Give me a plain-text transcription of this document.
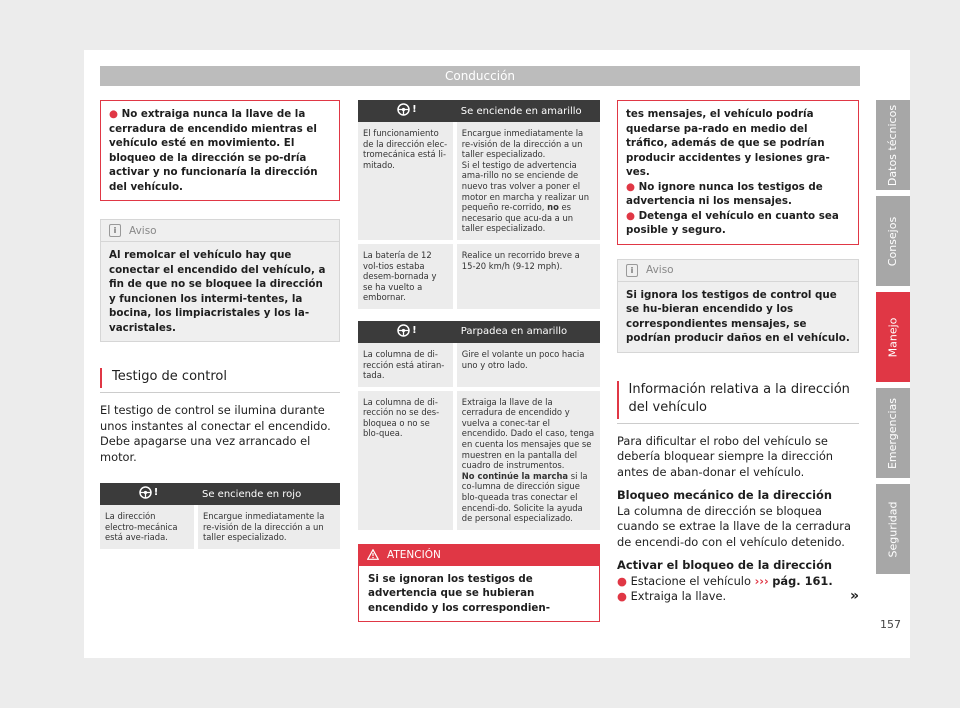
Conducción
● No extraiga nunca la llave de la cerradura de encendido mientras el vehículo esté en movimiento. El bloqueo de la dirección se po-dría activar y no funcionaría la dirección del vehículo.
i	Aviso
Al remolcar el vehículo hay que conectar el encendido del vehículo, a fin de que no se bloquee la dirección y funcionen los intermi-tentes, la bocina, los limpiacristales y los la-vacristales.
Testigo de control

El testigo de control se ilumina durante unos instantes al conectar el encendido. Debe apagarse una vez arrancado el motor.

!	Se enciende en rojo
La dirección electro-mecánica está ave-riada.	Encargue inmediatamente la re-visión de la dirección a un taller especializado.
!	Se enciende en amarillo
El funcionamiento de la dirección elec-tromecánica está li-mitado.	Encargue inmediatamente la re-visión de la dirección a un taller especializado.
Si el testigo de advertencia ama-rillo no se enciende de nuevo tras volver a poner el motor en marcha y realizar un pequeño re-corrido, no es necesario que acu-da a un taller especializado.
La batería de 12 vol-tios estaba desem-bornada y se ha vuelto a embornar.	Realice un recorrido breve a 15-20 km/h (9-12 mph).
!	Parpadea en amarillo
La columna de di-rección está atiran-tada.	Gire el volante un poco hacia uno y otro lado.
La columna de di-rección no se des-bloquea o no se blo-quea.	Extraiga la llave de la cerradura de encendido y vuelva a conec-tar el encendido. Dado el caso, tenga en cuenta los mensajes que se muestren en la pantalla del cuadro de instrumentos.
No continúe la marcha si la co-lumna de dirección sigue blo-queada tras conectar el encendi-do. Solicite la ayuda de personal especializado.
ATENCIÓN
Si se ignoran los testigos de advertencia que se hubieran encendido y los correspondien-
tes mensajes, el vehículo podría quedarse pa-rado en medio del tráfico, además de que se podrían producir accidentes y lesiones gra-ves.
● No ignore nunca los testigos de advertencia ni los mensajes.
● Detenga el vehículo en cuanto sea posible y seguro.
i	Aviso
Si ignora los testigos de control que se hu-bieran encendido y los correspondientes mensajes, se podrían producir daños en el vehículo.
Información relativa a la dirección del vehículo

Para dificultar el robo del vehículo se debería bloquear siempre la dirección antes de aban-donar el vehículo.

Bloqueo mecánico de la dirección

La columna de dirección se bloquea cuando se extrae la llave de la cerradura de encendi-do con el vehículo detenido.

Activar el bloqueo de la dirección

● Estacione el vehículo ››› pág. 161.

● Extraiga la llave.	»

Datos técnicos
Consejos
Manejo
Emergencias
Seguridad
157
